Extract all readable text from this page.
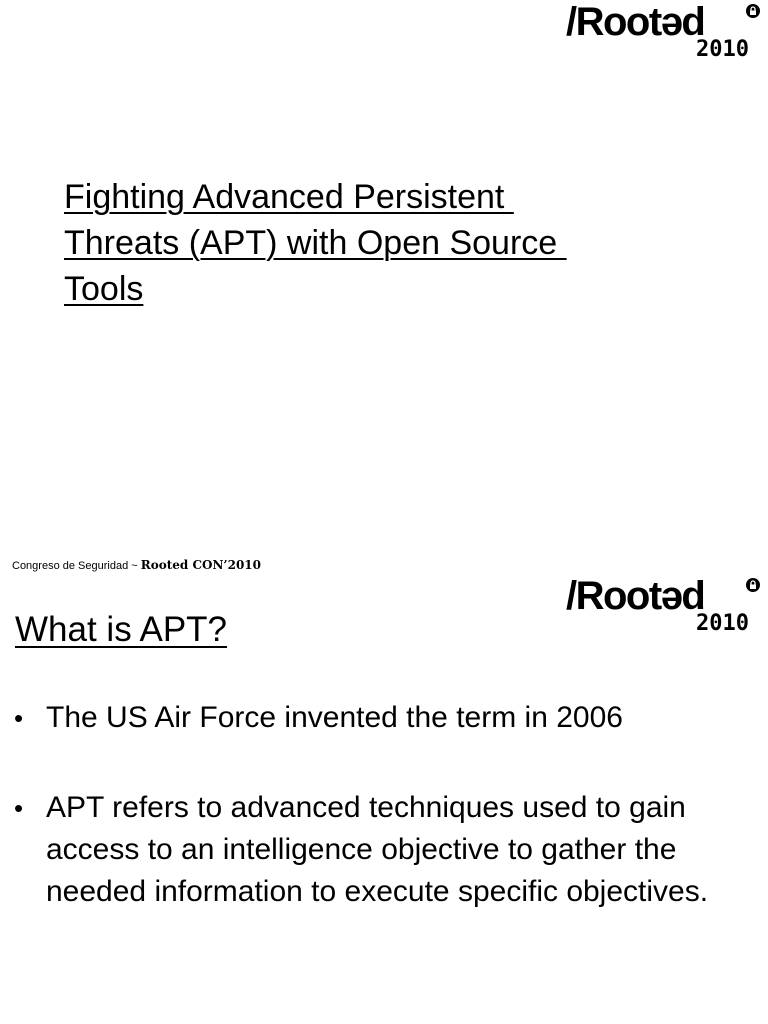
/Rootəd
2010
Fighting Advanced Persistent
Threats (APT) with Open Source
Tools
Congreso de Seguridad ~ Rooted CON’2010
/Rootəd
2010
What is APT?
• The US Air Force invented the term in 2006
• APT refers to advanced techniques used to gain access to an intelligence objective to gather the needed information to execute specific objectives.
